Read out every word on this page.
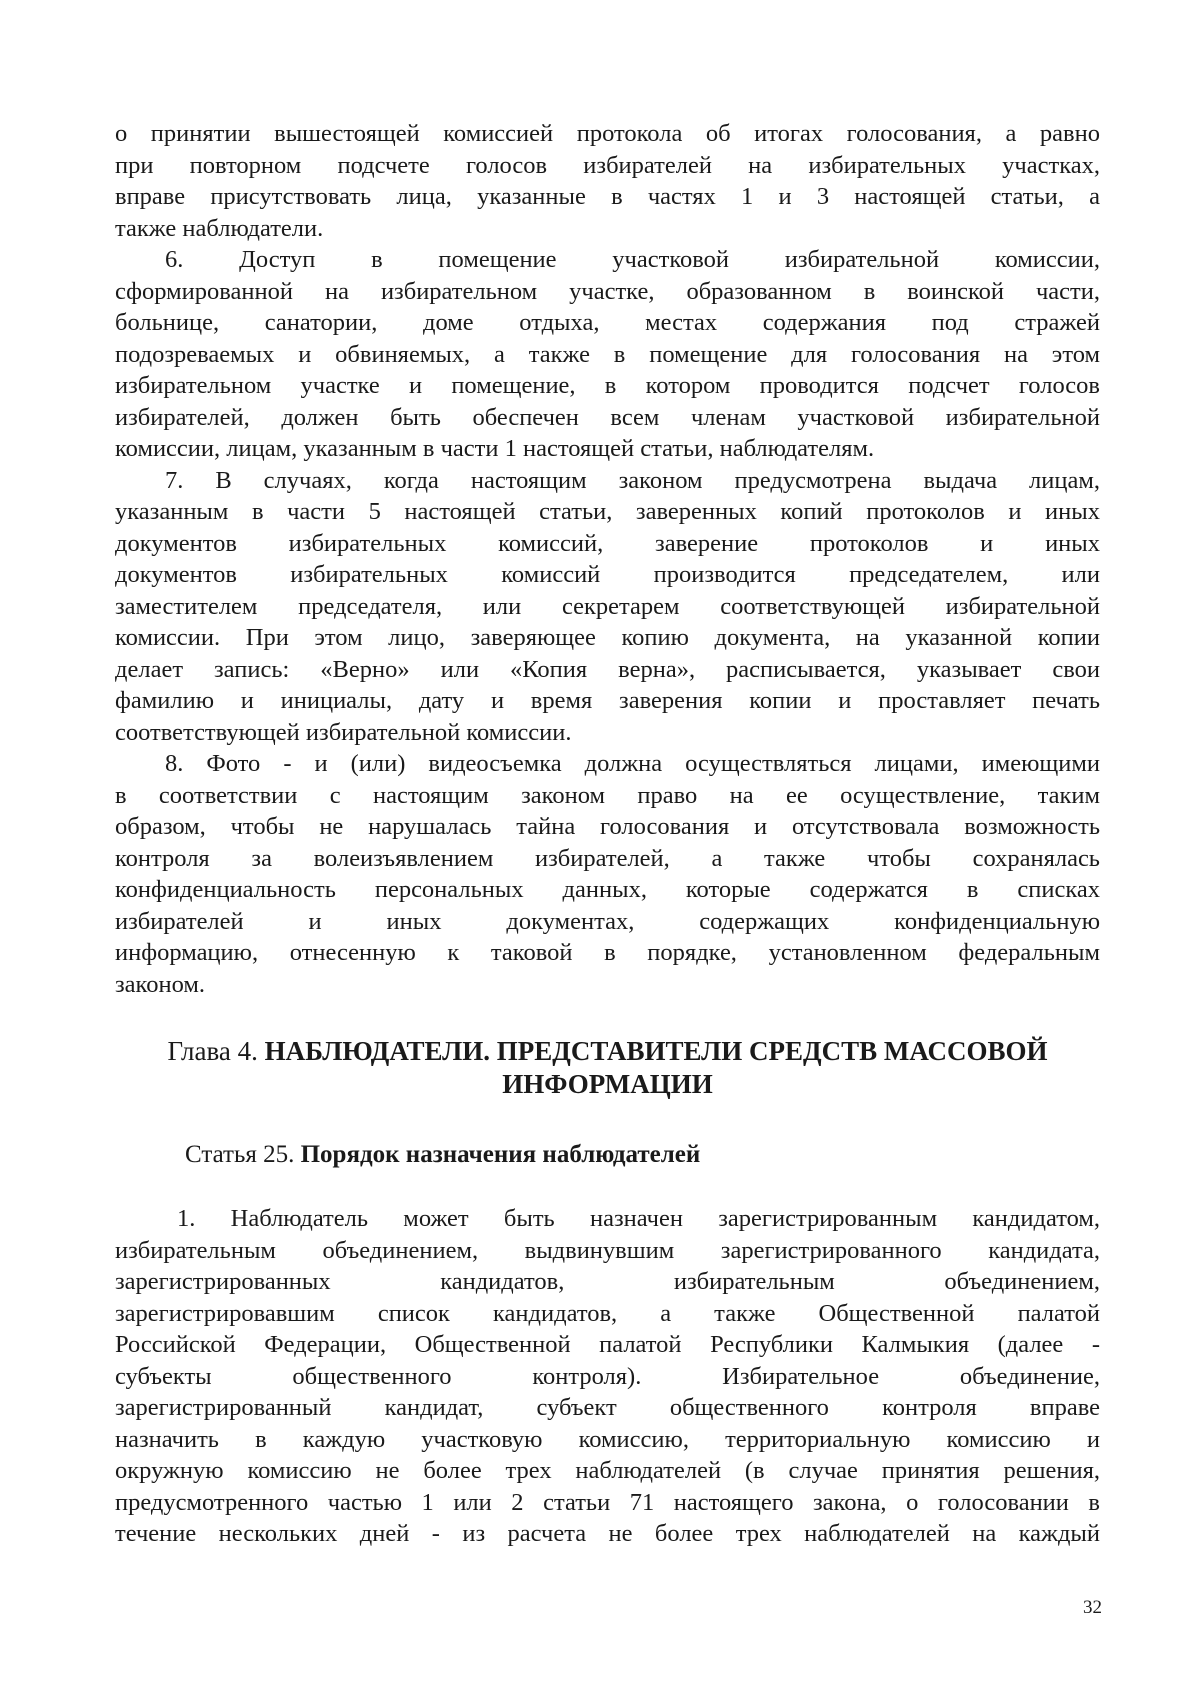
о принятии вышестоящей комиссией протокола об итогах голосования, а равно
при повторном подсчете голосов избирателей на избирательных участках,
вправе присутствовать лица, указанные в частях 1 и 3 настоящей статьи, а
также наблюдатели.
6. Доступ в помещение участковой избирательной комиссии,
сформированной на избирательном участке, образованном в воинской части,
больнице, санатории, доме отдыха, местах содержания под стражей
подозреваемых и обвиняемых, а также в помещение для голосования на этом
избирательном участке и помещение, в котором проводится подсчет голосов
избирателей, должен быть обеспечен всем членам участковой избирательной
комиссии, лицам, указанным в части 1 настоящей статьи, наблюдателям.
7. В случаях, когда настоящим законом предусмотрена выдача лицам,
указанным в части 5 настоящей статьи, заверенных копий протоколов и иных
документов избирательных комиссий, заверение протоколов и иных
документов избирательных комиссий производится председателем, или
заместителем председателя, или секретарем соответствующей избирательной
комиссии. При этом лицо, заверяющее копию документа, на указанной копии
делает запись: «Верно» или «Копия верна», расписывается, указывает свои
фамилию и инициалы, дату и время заверения копии и проставляет печать
соответствующей избирательной комиссии.
8. Фото - и (или) видеосъемка должна осуществляться лицами, имеющими
в соответствии с настоящим законом право на ее осуществление, таким
образом, чтобы не нарушалась тайна голосования и отсутствовала возможность
контроля за волеизъявлением избирателей, а также чтобы сохранялась
конфиденциальность персональных данных, которые содержатся в списках
избирателей и иных документах, содержащих конфиденциальную
информацию, отнесенную к таковой в порядке, установленном федеральным
законом.
Глава 4. НАБЛЮДАТЕЛИ. ПРЕДСТАВИТЕЛИ СРЕДСТВ МАССОВОЙ
ИНФОРМАЦИИ
Статья 25. Порядок назначения наблюдателей
1. Наблюдатель может быть назначен зарегистрированным кандидатом,
избирательным объединением, выдвинувшим зарегистрированного кандидата,
зарегистрированных кандидатов, избирательным объединением,
зарегистрировавшим список кандидатов, а также Общественной палатой
Российской Федерации, Общественной палатой Республики Калмыкия (далее -
субъекты общественного контроля). Избирательное объединение,
зарегистрированный кандидат, субъект общественного контроля вправе
назначить в каждую участковую комиссию, территориальную комиссию и
окружную комиссию не более трех наблюдателей (в случае принятия решения,
предусмотренного частью 1 или 2 статьи 71 настоящего закона, о голосовании в
течение нескольких дней - из расчета не более трех наблюдателей на каждый
32
